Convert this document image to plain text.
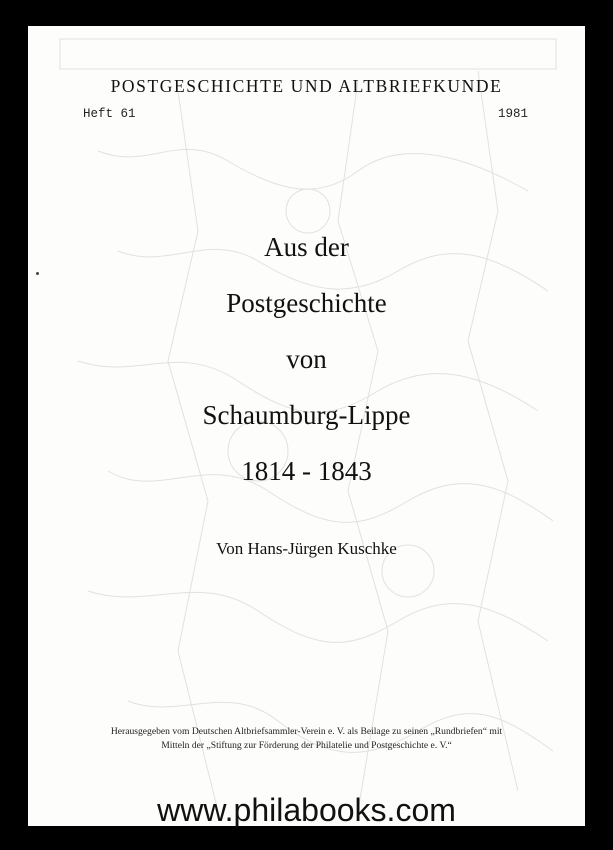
POSTGESCHICHTE UND ALTBRIEFKUNDE
Heft 61	1981
Aus der
Postgeschichte
von
Schaumburg-Lippe
1814 - 1843
Von Hans-Jürgen Kuschke
Herausgegeben vom Deutschen Altbriefsammler-Verein e. V. als Beilage zu seinen „Rundbriefen“ mit
Mitteln der „Stiftung zur Förderung der Philatelie und Postgeschichte e. V.“
www.philabooks.com
